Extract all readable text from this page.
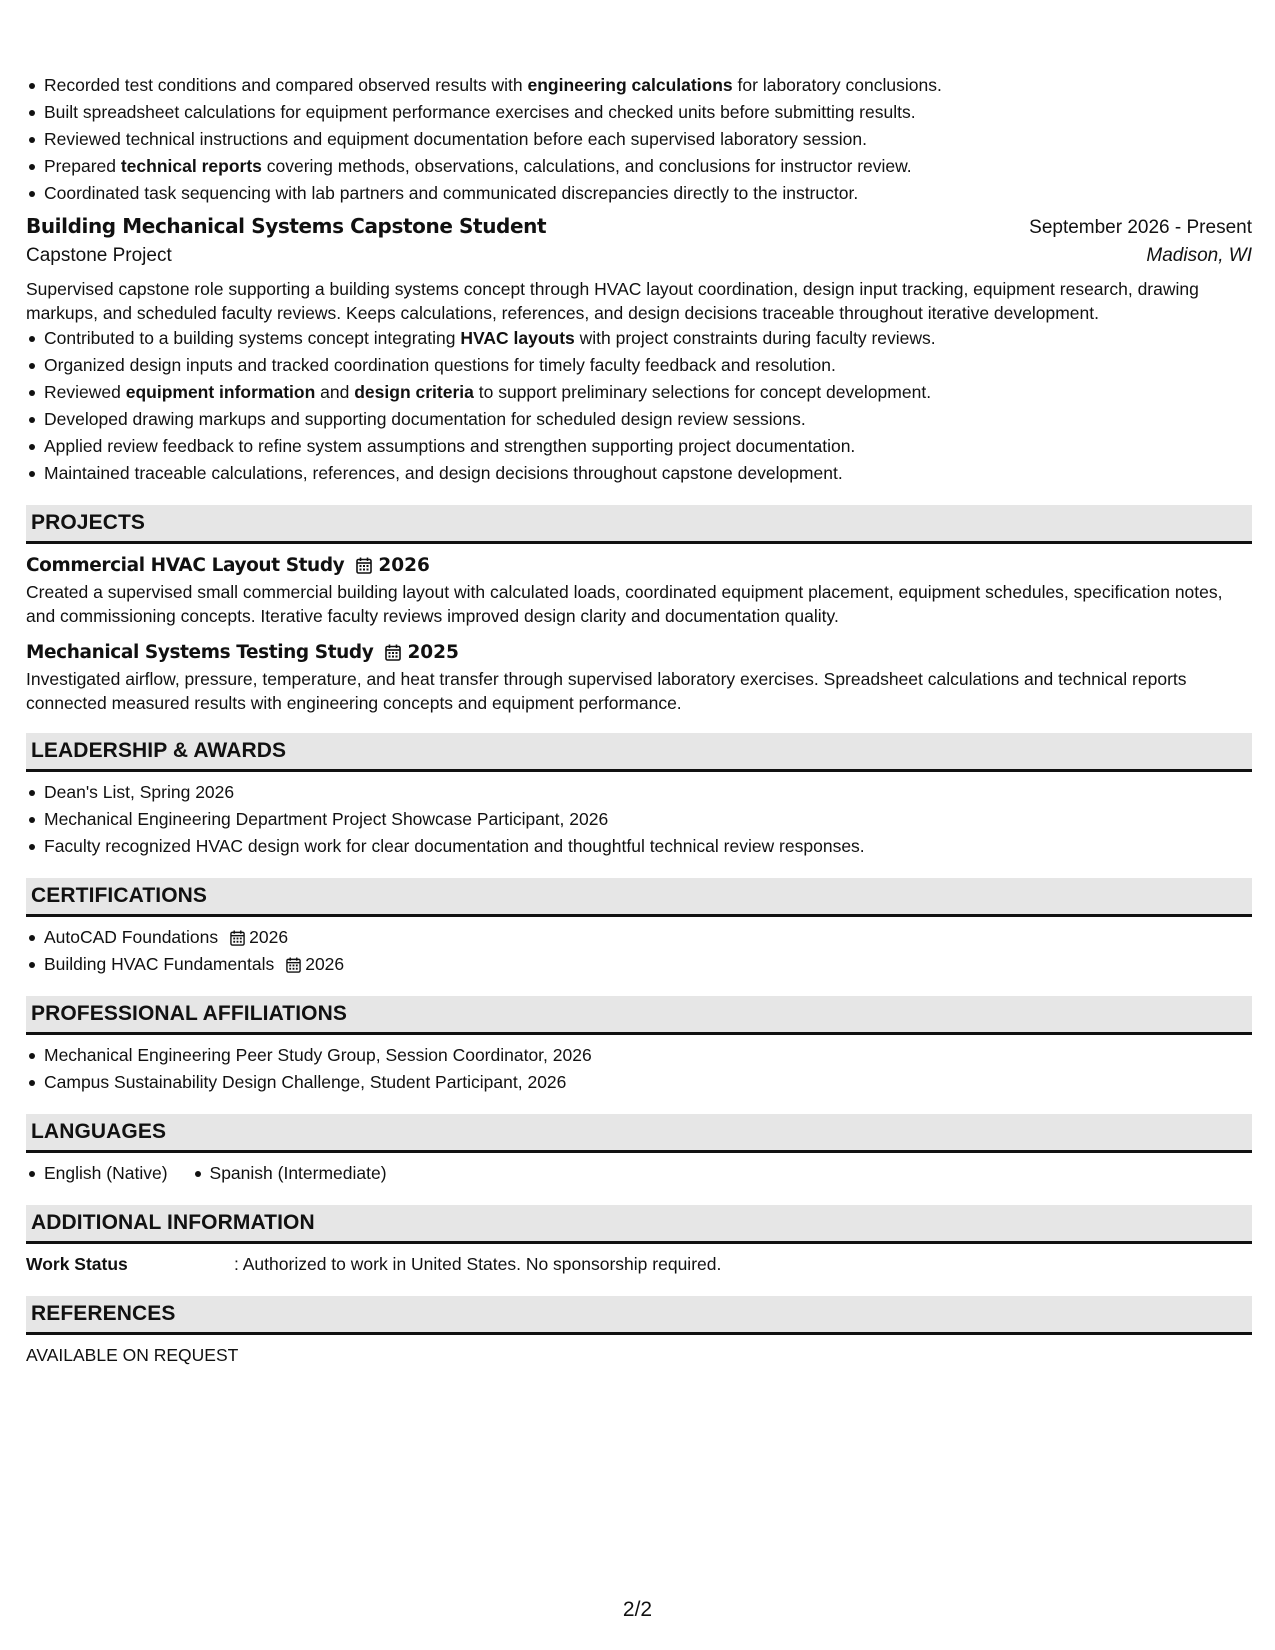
Recorded test conditions and compared observed results with engineering calculations for laboratory conclusions.
Built spreadsheet calculations for equipment performance exercises and checked units before submitting results.
Reviewed technical instructions and equipment documentation before each supervised laboratory session.
Prepared technical reports covering methods, observations, calculations, and conclusions for instructor review.
Coordinated task sequencing with lab partners and communicated discrepancies directly to the instructor.
Building Mechanical Systems Capstone Student	September 2026 - Present
Capstone Project	Madison, WI

Supervised capstone role supporting a building systems concept through HVAC layout coordination, design input tracking, equipment research, drawing markups, and scheduled faculty reviews. Keeps calculations, references, and design decisions traceable throughout iterative development.

Contributed to a building systems concept integrating HVAC layouts with project constraints during faculty reviews.
Organized design inputs and tracked coordination questions for timely faculty feedback and resolution.
Reviewed equipment information and design criteria to support preliminary selections for concept development.
Developed drawing markups and supporting documentation for scheduled design review sessions.
Applied review feedback to refine system assumptions and strengthen supporting project documentation.
Maintained traceable calculations, references, and design decisions throughout capstone development.
PROJECTS
Commercial HVAC Layout Study 2026

Created a supervised small commercial building layout with calculated loads, coordinated equipment placement, equipment schedules, specification notes, and commissioning concepts. Iterative faculty reviews improved design clarity and documentation quality.

Mechanical Systems Testing Study 2025

Investigated airflow, pressure, temperature, and heat transfer through supervised laboratory exercises. Spreadsheet calculations and technical reports connected measured results with engineering concepts and equipment performance.

LEADERSHIP & AWARDS
Dean's List, Spring 2026
Mechanical Engineering Department Project Showcase Participant, 2026
Faculty recognized HVAC design work for clear documentation and thoughtful technical review responses.
CERTIFICATIONS
AutoCAD Foundations 2026
Building HVAC Fundamentals 2026
PROFESSIONAL AFFILIATIONS
Mechanical Engineering Peer Study Group, Session Coordinator, 2026
Campus Sustainability Design Challenge, Student Participant, 2026
LANGUAGES
English (Native) Spanish (Intermediate)
ADDITIONAL INFORMATION
Work Status	: Authorized to work in United States. No sponsorship required.
REFERENCES
AVAILABLE ON REQUEST
2/2
